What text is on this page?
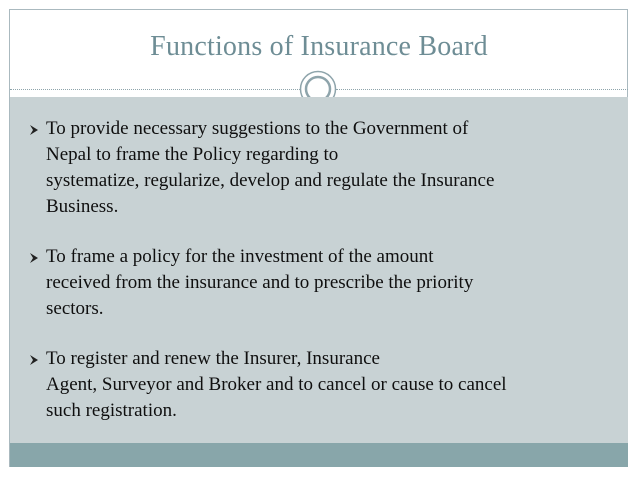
Functions of Insurance Board
To provide necessary suggestions to the Government of
Nepal to frame the Policy regarding to
systematize, regularize, develop and regulate the Insurance
Business.
To frame a policy for the investment of the amount
received from the insurance and to prescribe the priority
sectors.
To register and renew the Insurer, Insurance
Agent, Surveyor and Broker and to cancel or cause to cancel
such registration.
